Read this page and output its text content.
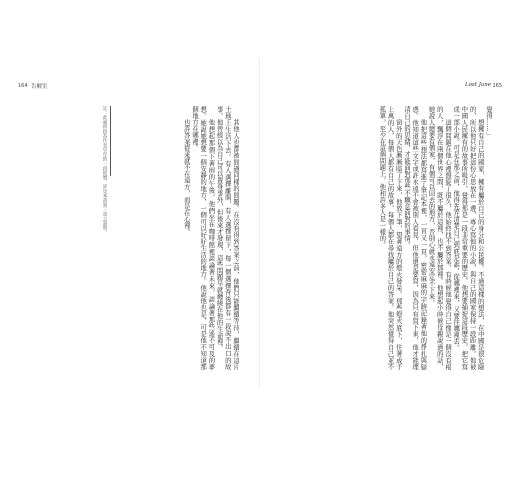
164 告解室
註：此處所指為作者早年的一段經歷，詳見本書第三章之說明。	其他人也都被問過同樣的問題。在沒有得到答案之前，他們只能繼續等待，繼續在這片土地上生活下去。有人選擇離開，有人選擇留下，每一個選擇背後都有一段說不出口的故事。他曾經以為自己可以置身事外，但後來才發現，這些問題早就纏繞在他的生命裡。

他想起那個下著雨的午後，他們坐在咖啡館裡談論著未來，談論著那些遙不可及的夢想。她說她想要一個安靜的地方，一個可以好好生活的地方。他說他也是，可是他不知道那個地方在哪裡。

也許答案從來就不在遠方，而是在心裡。

165
Lost Jane

覺得……」

想擁有自己的國家，擁有屬於自己的身分和公民權。不過這樣的想法，在中國是很危險的，所以他只好把這份心思放在一邊，專心寫他的小說，與自己的國家保持一段距離。他被中國人民擁有的故事所吸引，覺得那是一段非常重要的歷史，他想要捕捉這段歷史，把它寫成一部小說。可是在那之前，他得先弄清楚自己到底是誰，從哪裡來，又要往哪裡去。

這個問題在他心裡盤旋了很久，他始終找不到答案。有時候他覺得自己像是一個沒有根的人，飄浮在兩個世界之間，既不屬於這裡，也不屬於那裡。他想起小時候母親說過的話，她說人總要有個家，有個可以回去的地方，否則心就永遠安定不下來。

他把這些想法都寫進了筆記本裡，一頁又一頁，密密麻麻的字跡記錄著他的掙扎與疑惑。他知道這些文字或許永遠不會被別人看見，但他還是要寫，因為只有寫下來，他才能理清自己的思緒，才能面對那些不願意面對的事情。

窗外的天色漸漸暗了下來，他放下筆，望著遠方的燈火發呆。那些燈火底下，住著成千上萬的人，每個人都有自己的故事，每個人都在尋找屬於自己的答案。他突然覺得自己並不孤單，至少在這個問題上，他和許多人是一樣的。
